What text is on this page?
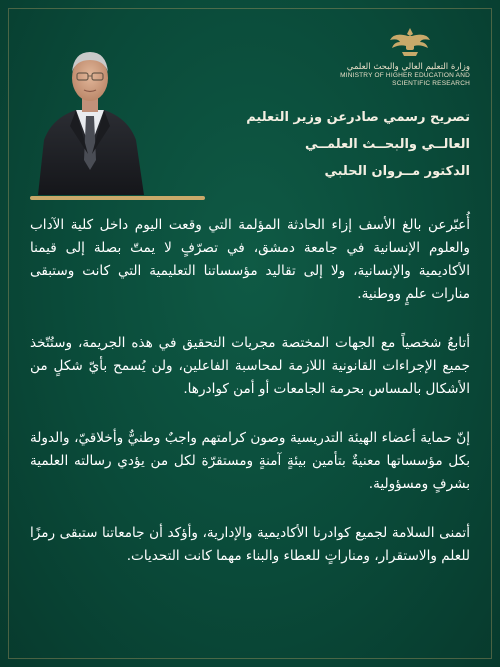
وزارة التعليم العالي والبحث العلمي
MINISTRY OF HIGHER EDUCATION AND
SCIENTIFIC RESEARCH
تصريح رسمي صادرعن وزير التعليم
العالــي والبحــث العلمــي
الدكتور مــروان الحلبي

أُعبّرعن بالغ الأسف إزاء الحادثة المؤلمة التي وقعت اليوم داخل كلية الآداب والعلوم الإنسانية في جامعة دمشق، في تصرّفٍ لا يمتّ بصلة إلى قيمنا الأكاديمية والإنسانية، ولا إلى تقاليد مؤسساتنا التعليمية التي كانت وستبقى منارات علمٍ ووطنية.

أتابعُ شخصياً مع الجهات المختصة مجريات التحقيق في هذه الجريمة، وستُتّخذ جميع الإجراءات القانونية اللازمة لمحاسبة الفاعلين، ولن يُسمح بأيّ شكلٍ من الأشكال بالمساس بحرمة الجامعات أو أمن كوادرها.

إنّ حماية أعضاء الهيئة التدريسية وصون كرامتهم واجبٌ وطنيٌّ وأخلاقيّ، والدولة بكل مؤسساتها معنيةٌ بتأمين بيئةٍ آمنةٍ ومستقرّة لكل من يؤدي رسالته العلمية بشرفٍ ومسؤولية.

أتمنى السلامة لجميع كوادرنا الأكاديمية والإدارية، وأؤكد أن جامعاتنا ستبقى رمزًا للعلم والاستقرار، ومناراتٍ للعطاء والبناء مهما كانت التحديات.
